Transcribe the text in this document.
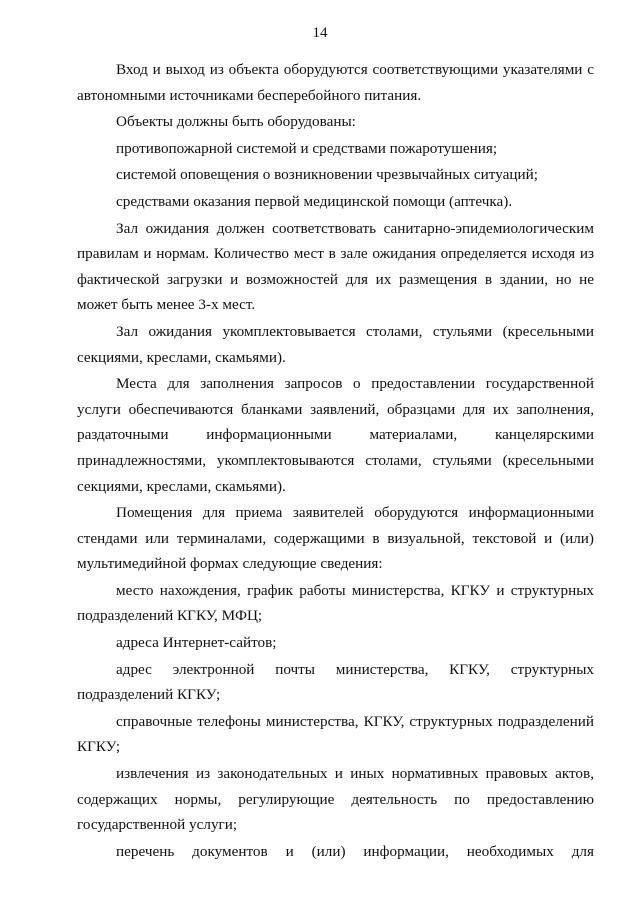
14

Вход и выход из объекта оборудуются соответствующими указателями с автономными источниками бесперебойного питания.

Объекты должны быть оборудованы:

противопожарной системой и средствами пожаротушения;

системой оповещения о возникновении чрезвычайных ситуаций;

средствами оказания первой медицинской помощи (аптечка).

Зал ожидания должен соответствовать санитарно-эпидемиологическим правилам и нормам. Количество мест в зале ожидания определяется исходя из фактической загрузки и возможностей для их размещения в здании, но не может быть менее 3-х мест.

Зал ожидания укомплектовывается столами, стульями (кресельными секциями, креслами, скамьями).

Места для заполнения запросов о предоставлении государственной услуги обеспечиваются бланками заявлений, образцами для их заполнения, раздаточными информационными материалами, канцелярскими принадлежностями, укомплектовываются столами, стульями (кресельными секциями, креслами, скамьями).

Помещения для приема заявителей оборудуются информационными стендами или терминалами, содержащими в визуальной, текстовой и (или) мультимедийной формах следующие сведения:

место нахождения, график работы министерства, КГКУ и структурных подразделений КГКУ, МФЦ;

адреса Интернет-сайтов;

адрес электронной почты министерства, КГКУ, структурных подразделений КГКУ;

справочные телефоны министерства, КГКУ, структурных подразделений КГКУ;

извлечения из законодательных и иных нормативных правовых актов, содержащих нормы, регулирующие деятельность по предоставлению государственной услуги;

перечень документов и (или) информации, необходимых для
